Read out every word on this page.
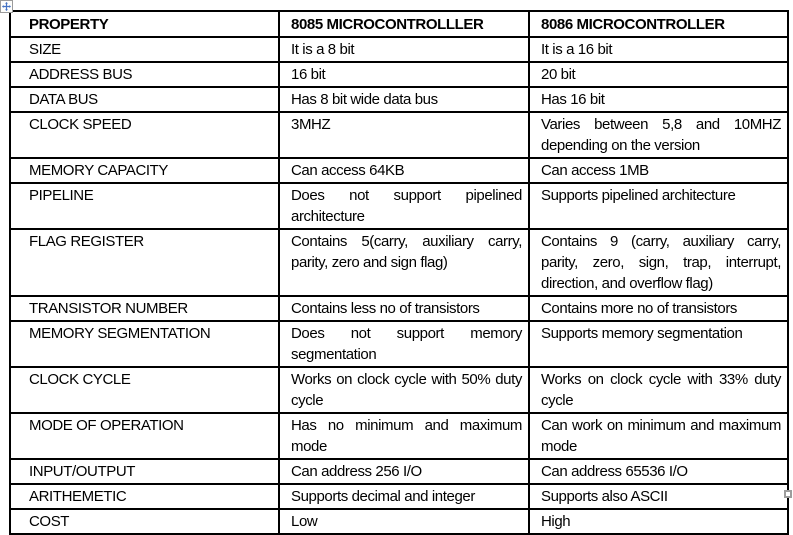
PROPERTY	8085 MICROCONTROLLLER	8086 MICROCONTROLLER
SIZE	It is a 8 bit	It is a 16 bit
ADDRESS BUS	16 bit	20 bit
DATA BUS	Has 8 bit wide data bus	Has 16 bit
CLOCK SPEED	3MHZ	Varies between 5,8 and 10MHZ depending on the version
MEMORY CAPACITY	Can access 64KB	Can access 1MB
PIPELINE	Does not support pipelined architecture	Supports pipelined architecture
FLAG REGISTER	Contains 5(carry, auxiliary carry, parity, zero and sign flag)	Contains 9 (carry, auxiliary carry, parity, zero, sign, trap, interrupt, direction, and overflow flag)
TRANSISTOR NUMBER	Contains less no of transistors	Contains more no of transistors
MEMORY SEGMENTATION	Does not support memory segmentation	Supports memory segmentation
CLOCK CYCLE	Works on clock cycle with 50% duty cycle	Works on clock cycle with 33% duty cycle
MODE OF OPERATION	Has no minimum and maximum mode	Can work on minimum and maximum mode
INPUT/OUTPUT	Can address 256 I/O	Can address 65536 I/O
ARITHEMETIC	Supports decimal and integer	Supports also ASCII
COST	Low	High
